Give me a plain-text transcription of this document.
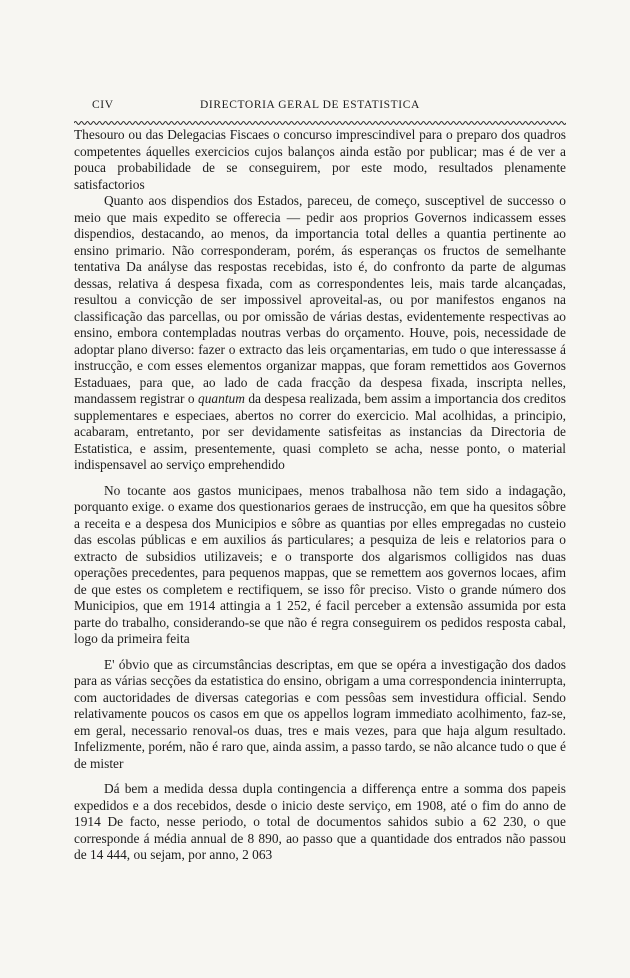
CIV	DIRECTORIA GERAL DE ESTATISTICA

Thesouro ou das Delegacias Fiscaes o concurso imprescindivel para o preparo dos quadros competentes áquelles exercicios cujos balanços ainda estão por publicar; mas é de ver a pouca probabilidade de se conseguirem, por este modo, resultados plenamente satisfactorios

Quanto aos dispendios dos Estados, pareceu, de começo, susceptivel de successo o meio que mais expedito se offerecia — pedir aos proprios Governos indicassem esses dispendios, destacando, ao menos, da importancia total delles a quantia pertinente ao ensino primario. Não corresponderam, porém, ás esperanças os fructos de semelhante tentativa Da anályse das respostas recebidas, isto é, do confronto da parte de algumas dessas, relativa á despesa fixada, com as correspondentes leis, mais tarde alcançadas, resultou a convicção de ser impossivel aproveital-as, ou por manifestos enganos na classificação das parcellas, ou por omissão de várias destas, evidentemente respectivas ao ensino, embora contempladas noutras verbas do orçamento. Houve, pois, necessidade de adoptar plano diverso: fazer o extracto das leis orçamentarias, em tudo o que interessasse á instrucção, e com esses elementos organizar mappas, que foram remettidos aos Governos Estaduaes, para que, ao lado de cada fracção da despesa fixada, inscripta nelles, mandassem registrar o quantum da despesa realizada, bem assim a importancia dos creditos supplementares e especiaes, abertos no correr do exercicio. Mal acolhidas, a principio, acabaram, entretanto, por ser devidamente satisfeitas as instancias da Directoria de Estatistica, e assim, presentemente, quasi completo se acha, nesse ponto, o material indispensavel ao serviço emprehendido

No tocante aos gastos municipaes, menos trabalhosa não tem sido a indagação, porquanto exige. o exame dos questionarios geraes de instrucção, em que ha quesitos sôbre a receita e a despesa dos Municipios e sôbre as quantias por elles empregadas no custeio das escolas públicas e em auxilios ás particulares; a pesquiza de leis e relatorios para o extracto de subsidios utilizaveis; e o transporte dos algarismos colligidos nas duas operações precedentes, para pequenos mappas, que se remettem aos governos locaes, afim de que estes os completem e rectifiquem, se isso fôr preciso. Visto o grande número dos Municipios, que em 1914 attingia a 1 252, é facil perceber a extensão assumida por esta parte do trabalho, considerando-se que não é regra conseguirem os pedidos resposta cabal, logo da primeira feita

E' óbvio que as circumstâncias descriptas, em que se opéra a investigação dos dados para as várias secções da estatistica do ensino, obrigam a uma correspondencia ininterrupta, com auctoridades de diversas categorias e com pessôas sem investidura official. Sendo relativamente poucos os casos em que os appellos logram immediato acolhimento, faz-se, em geral, necessario renoval-os duas, tres e mais vezes, para que haja algum resultado. Infelizmente, porém, não é raro que, ainda assim, a passo tardo, se não alcance tudo o que é de mister

Dá bem a medida dessa dupla contingencia a differença entre a somma dos papeis expedidos e a dos recebidos, desde o inicio deste serviço, em 1908, até o fim do anno de 1914 De facto, nesse periodo, o total de documentos sahidos subio a 62 230, o que corresponde á média annual de 8 890, ao passo que a quantidade dos entrados não passou de 14 444, ou sejam, por anno, 2 063
